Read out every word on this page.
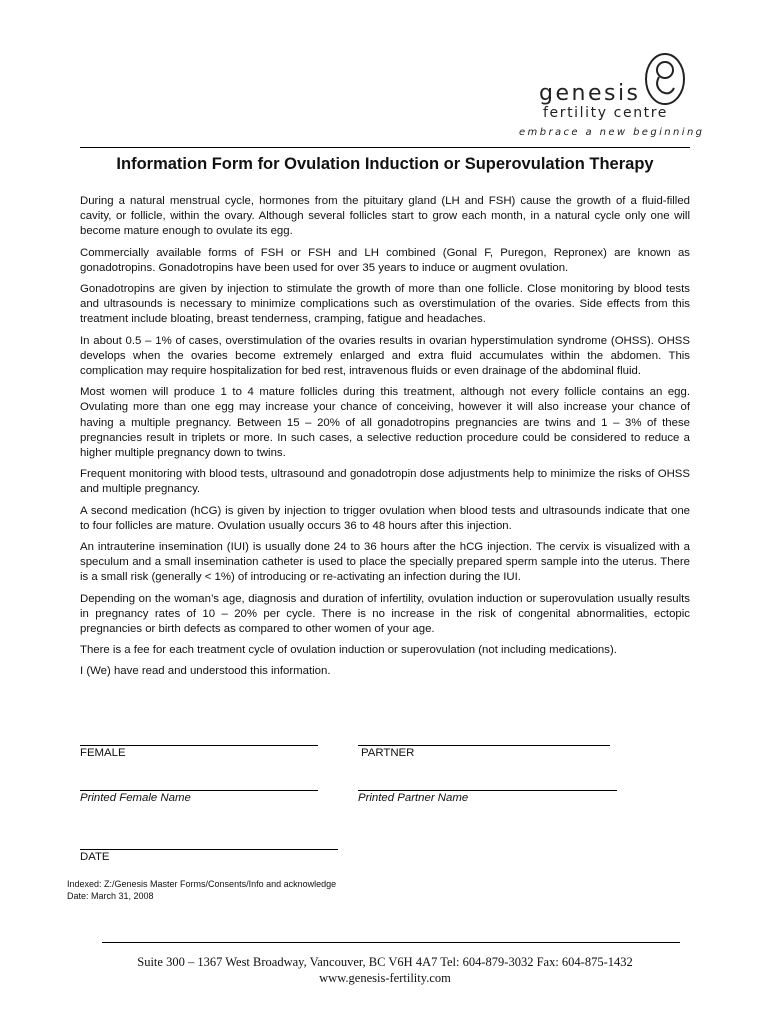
genesis
fertility centre
embrace a new beginning
Information Form for Ovulation Induction or Superovulation Therapy

During a natural menstrual cycle, hormones from the pituitary gland (LH and FSH) cause the growth of a fluid-filled cavity, or follicle, within the ovary. Although several follicles start to grow each month, in a natural cycle only one will become mature enough to ovulate its egg.

Commercially available forms of FSH or FSH and LH combined (Gonal F, Puregon, Repronex) are known as gonadotropins. Gonadotropins have been used for over 35 years to induce or augment ovulation.

Gonadotropins are given by injection to stimulate the growth of more than one follicle. Close monitoring by blood tests and ultrasounds is necessary to minimize complications such as overstimulation of the ovaries. Side effects from this treatment include bloating, breast tenderness, cramping, fatigue and headaches.

In about 0.5 – 1% of cases, overstimulation of the ovaries results in ovarian hyperstimulation syndrome (OHSS). OHSS develops when the ovaries become extremely enlarged and extra fluid accumulates within the abdomen. This complication may require hospitalization for bed rest, intravenous fluids or even drainage of the abdominal fluid.

Most women will produce 1 to 4 mature follicles during this treatment, although not every follicle contains an egg. Ovulating more than one egg may increase your chance of conceiving, however it will also increase your chance of having a multiple pregnancy. Between 15 – 20% of all gonadotropins pregnancies are twins and 1 – 3% of these pregnancies result in triplets or more. In such cases, a selective reduction procedure could be considered to reduce a higher multiple pregnancy down to twins.

Frequent monitoring with blood tests, ultrasound and gonadotropin dose adjustments help to minimize the risks of OHSS and multiple pregnancy.

A second medication (hCG) is given by injection to trigger ovulation when blood tests and ultrasounds indicate that one to four follicles are mature. Ovulation usually occurs 36 to 48 hours after this injection.

An intrauterine insemination (IUI) is usually done 24 to 36 hours after the hCG injection. The cervix is visualized with a speculum and a small insemination catheter is used to place the specially prepared sperm sample into the uterus. There is a small risk (generally < 1%) of introducing or re-activating an infection during the IUI.

Depending on the woman’s age, diagnosis and duration of infertility, ovulation induction or superovulation usually results in pregnancy rates of 10 – 20% per cycle. There is no increase in the risk of congenital abnormalities, ectopic pregnancies or birth defects as compared to other women of your age.

There is a fee for each treatment cycle of ovulation induction or superovulation (not including medications).

I (We) have read and understood this information.

FEMALE	PARTNER
Printed Female Name	Printed Partner Name
DATE
Indexed: Z:/Genesis Master Forms/Consents/Info and acknowledge
Date: March 31, 2008
Suite 300 – 1367 West Broadway, Vancouver, BC V6H 4A7 Tel: 604-879-3032 Fax: 604-875-1432
www.genesis-fertility.com
